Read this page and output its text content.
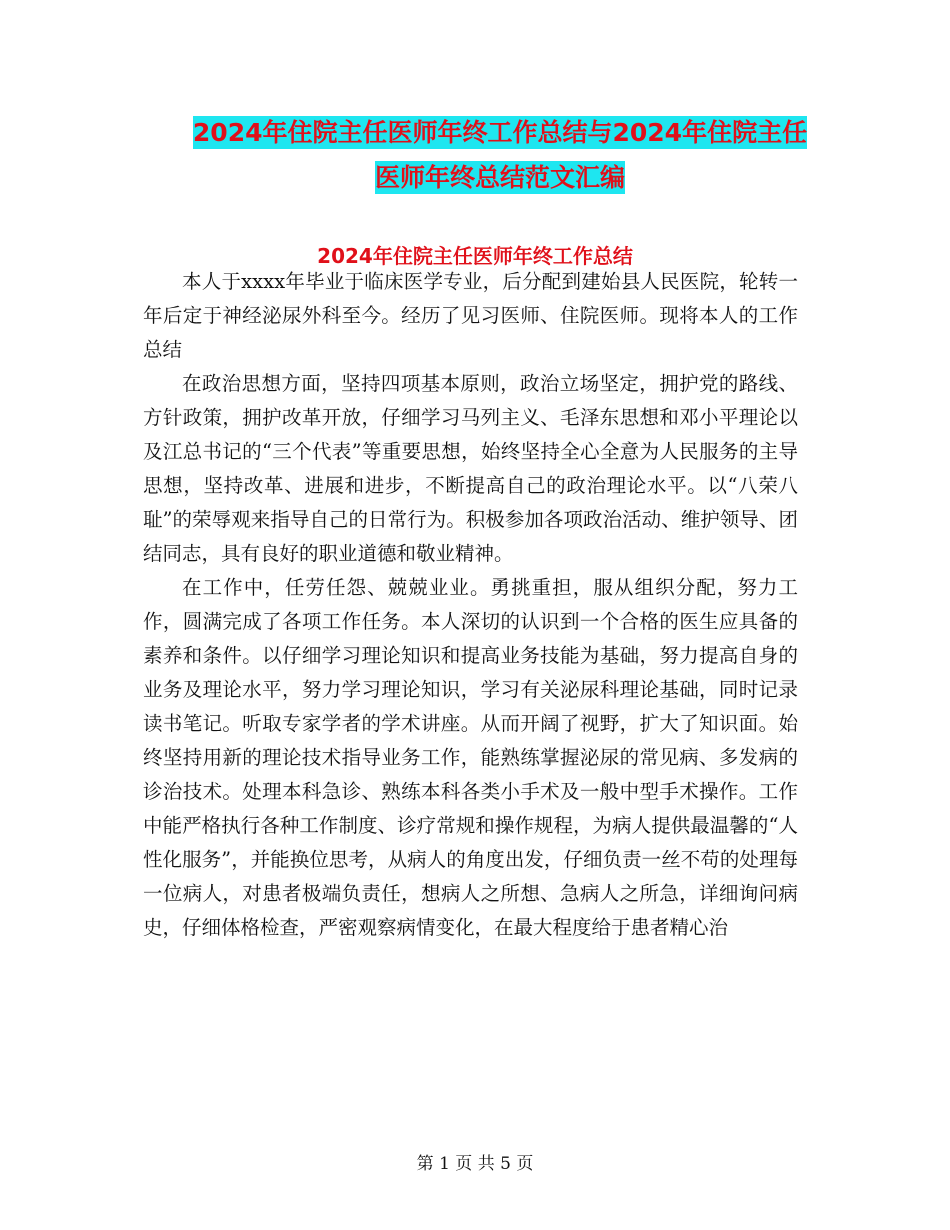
2024年住院主任医师年终工作总结与2024年住院主任
医师年终总结范文汇编
2024年住院主任医师年终工作总结

本人于xxxx年毕业于临床医学专业，后分配到建始县人民医院，轮转一年后定于神经泌尿外科至今。经历了见习医师、住院医师。现将本人的工作总结

在政治思想方面，坚持四项基本原则，政治立场坚定，拥护党的路线、方针政策，拥护改革开放，仔细学习马列主义、毛泽东思想和邓小平理论以及江总书记的“三个代表”等重要思想，始终坚持全心全意为人民服务的主导思想，坚持改革、进展和进步，不断提高自己的政治理论水平。以“八荣八耻”的荣辱观来指导自己的日常行为。积极参加各项政治活动、维护领导、团结同志，具有良好的职业道德和敬业精神。

在工作中，任劳任怨、兢兢业业。勇挑重担，服从组织分配，努力工作，圆满完成了各项工作任务。本人深切的认识到一个合格的医生应具备的素养和条件。以仔细学习理论知识和提高业务技能为基础，努力提高自身的业务及理论水平，努力学习理论知识，学习有关泌尿科理论基础，同时记录读书笔记。听取专家学者的学术讲座。从而开阔了视野，扩大了知识面。始终坚持用新的理论技术指导业务工作，能熟练掌握泌尿的常见病、多发病的诊治技术。处理本科急诊、熟练本科各类小手术及一般中型手术操作。工作中能严格执行各种工作制度、诊疗常规和操作规程，为病人提供最温馨的“人性化服务”，并能换位思考，从病人的角度出发，仔细负责一丝不苟的处理每一位病人，对患者极端负责任，想病人之所想、急病人之所急，详细询问病史，仔细体格检查，严密观察病情变化，在最大程度给于患者精心治

第 1 页 共 5 页
